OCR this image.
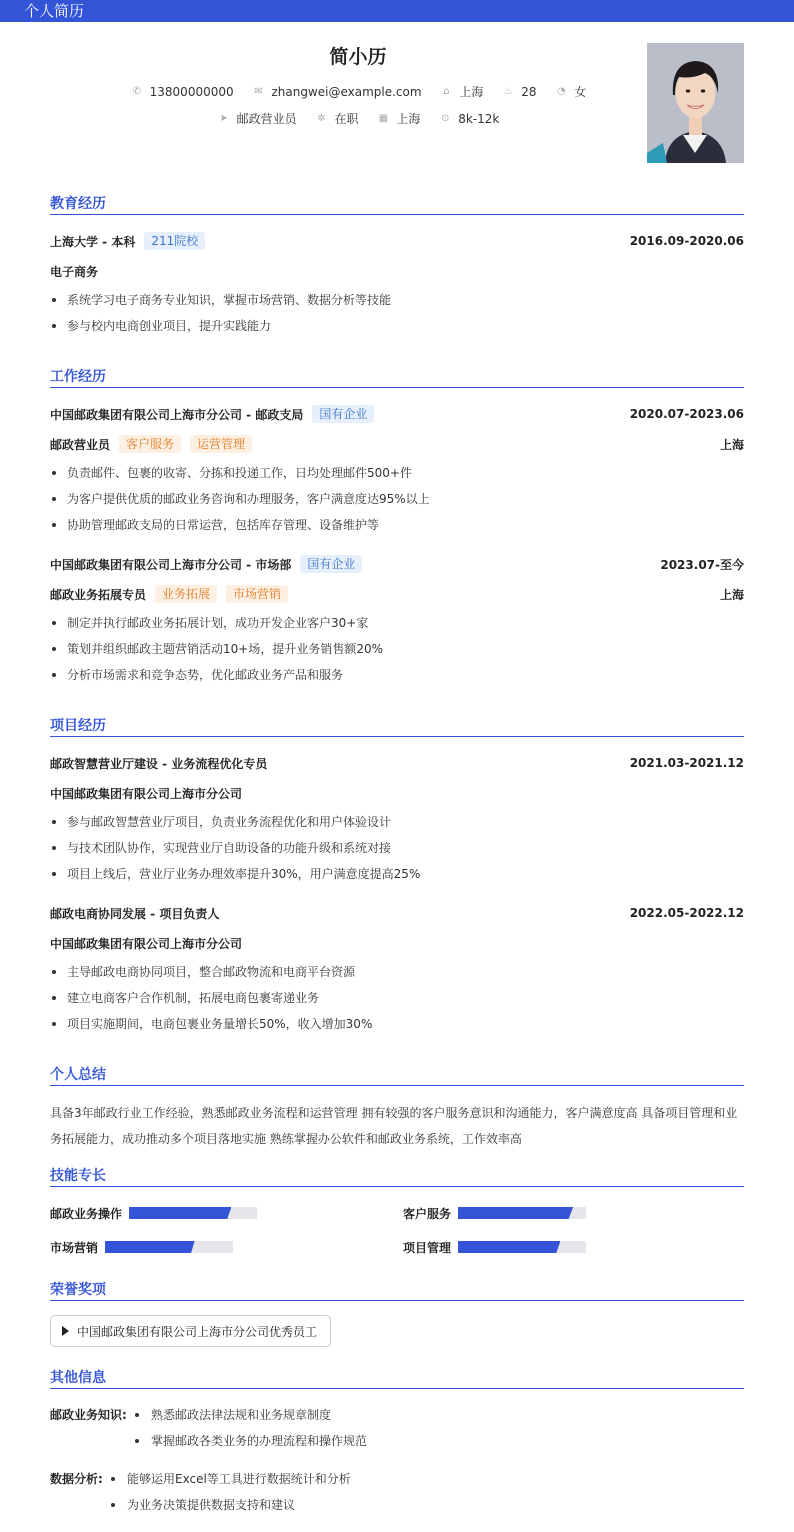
个人简历
简小历
✆ 13800000000
✉ zhangwei@example.com
	⌂ 上海
♨ 28
◔ 女
➤ 邮政营业员
✲ 在职
▦ 上海
⊙ 8k-12k
教育经历
上海大学 - 本科	211院校	2016.09-2020.06
电子商务
系统学习电子商务专业知识，掌握市场营销、数据分析等技能
参与校内电商创业项目，提升实践能力
工作经历
中国邮政集团有限公司上海市分公司 - 邮政支局	国有企业	2020.07-2023.06
邮政营业员	客户服务	运营管理	上海
负责邮件、包裹的收寄、分拣和投递工作，日均处理邮件500+件
为客户提供优质的邮政业务咨询和办理服务，客户满意度达95%以上
协助管理邮政支局的日常运营，包括库存管理、设备维护等
中国邮政集团有限公司上海市分公司 - 市场部	国有企业	2023.07-至今
邮政业务拓展专员	业务拓展	市场营销	上海
制定并执行邮政业务拓展计划，成功开发企业客户30+家
策划并组织邮政主题营销活动10+场，提升业务销售额20%
分析市场需求和竞争态势，优化邮政业务产品和服务
项目经历
邮政智慧营业厅建设 - 业务流程优化专员	2021.03-2021.12
中国邮政集团有限公司上海市分公司
参与邮政智慧营业厅项目，负责业务流程优化和用户体验设计
与技术团队协作，实现营业厅自助设备的功能升级和系统对接
项目上线后，营业厅业务办理效率提升30%，用户满意度提高25%
邮政电商协同发展 - 项目负责人	2022.05-2022.12
中国邮政集团有限公司上海市分公司
主导邮政电商协同项目，整合邮政物流和电商平台资源
建立电商客户合作机制，拓展电商包裹寄递业务
项目实施期间，电商包裹业务量增长50%，收入增加30%
个人总结
具备3年邮政行业工作经验，熟悉邮政业务流程和运营管理 拥有较强的客户服务意识和沟通能力，客户满意度高 具备项目管理和业务拓展能力，成功推动多个项目落地实施 熟练掌握办公软件和邮政业务系统，工作效率高
技能专长
邮政业务操作	客户服务
市场营销	项目管理
荣誉奖项
中国邮政集团有限公司上海市分公司优秀员工
其他信息
邮政业务知识:	熟悉邮政法律法规和业务规章制度
掌握邮政各类业务的办理流程和操作规范
数据分析:	能够运用Excel等工具进行数据统计和分析
为业务决策提供数据支持和建议
